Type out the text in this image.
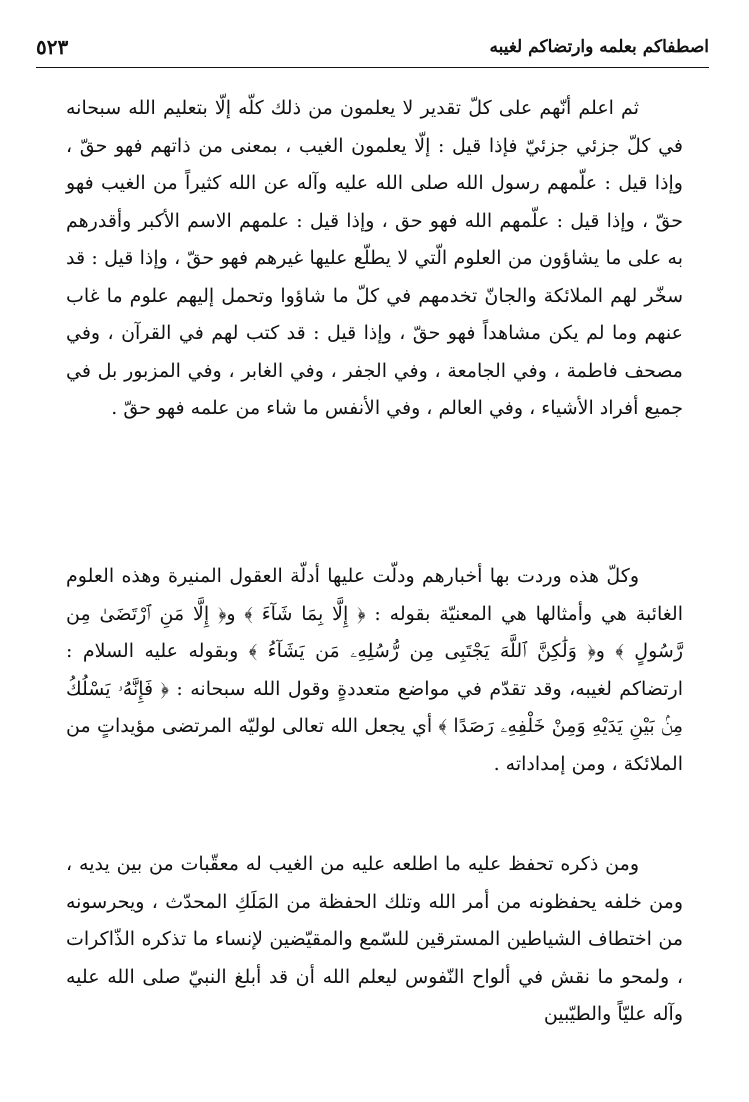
اصطفاكم بعلمه وارتضاكم لغيبه
٥٢٣

ثم اعلم أنّهم على كلّ تقدير لا يعلمون من ذلك كلّه إلّا بتعليم الله سبحانه في كلّ جزئي جزئيّ فإذا قيل : إلّا يعلمون الغيب ، بمعنى من ذاتهم فهو حقّ ، وإذا قيل : علّمهم رسول الله صلى الله عليه وآله عن الله كثيراً من الغيب فهو حقّ ، وإذا قيل : علّمهم الله فهو حق ، وإذا قيل : علمهم الاسم الأكبر وأقدرهم به على ما يشاؤون من العلوم الّتي لا يطلّع عليها غيرهم فهو حقّ ، وإذا قيل : قد سخّر لهم الملائكة والجانّ تخدمهم في كلّ ما شاؤوا وتحمل إليهم علوم ما غاب عنهم وما لم يكن مشاهداً فهو حقّ ، وإذا قيل : قد كتب لهم في القرآن ، وفي مصحف فاطمة ، وفي الجامعة ، وفي الجفر ، وفي الغابر ، وفي المزبور بل في جميع أفراد الأشياء ، وفي العالم ، وفي الأنفس ما شاء من علمه فهو حقّ .

وكلّ هذه وردت بها أخبارهم ودلّت عليها أدلّة العقول المنيرة وهذه العلوم الغائبة هي وأمثالها هي المعنيّة بقوله : ﴿ إِلَّا بِمَا شَآءَ ﴾ و﴿ إِلَّا مَنِ ٱرْتَضَىٰ مِن رَّسُولٍ ﴾ و﴿ وَلَٰكِنَّ ٱللَّهَ يَجْتَبِى مِن رُّسُلِهِۦ مَن يَشَآءُ ﴾ وبقوله عليه السلام : ارتضاكم لغيبه، وقد تقدّم في مواضع متعددةٍ وقول الله سبحانه : ﴿ فَإِنَّهُۥ يَسْلُكُ مِنۢ بَيْنِ يَدَيْهِ وَمِنْ خَلْفِهِۦ رَصَدًا ﴾ أي يجعل الله تعالى لوليّه المرتضى مؤيداتٍ من الملائكة ، ومن إمداداته .

ومن ذكره تحفظ عليه ما اطلعه عليه من الغيب له معقّبات من بين يديه ، ومن خلفه يحفظونه من أمر الله وتلك الحفظة من المَلَكِ المحدّث ، ويحرسونه من اختطاف الشياطين المسترقين للسّمع والمقيّضين لإنساء ما تذكره الذّاكرات ، ولمحو ما نقش في ألواح النّفوس ليعلم الله أن قد أبلغ النبيّ صلى الله عليه وآله عليّاً والطيّبين
